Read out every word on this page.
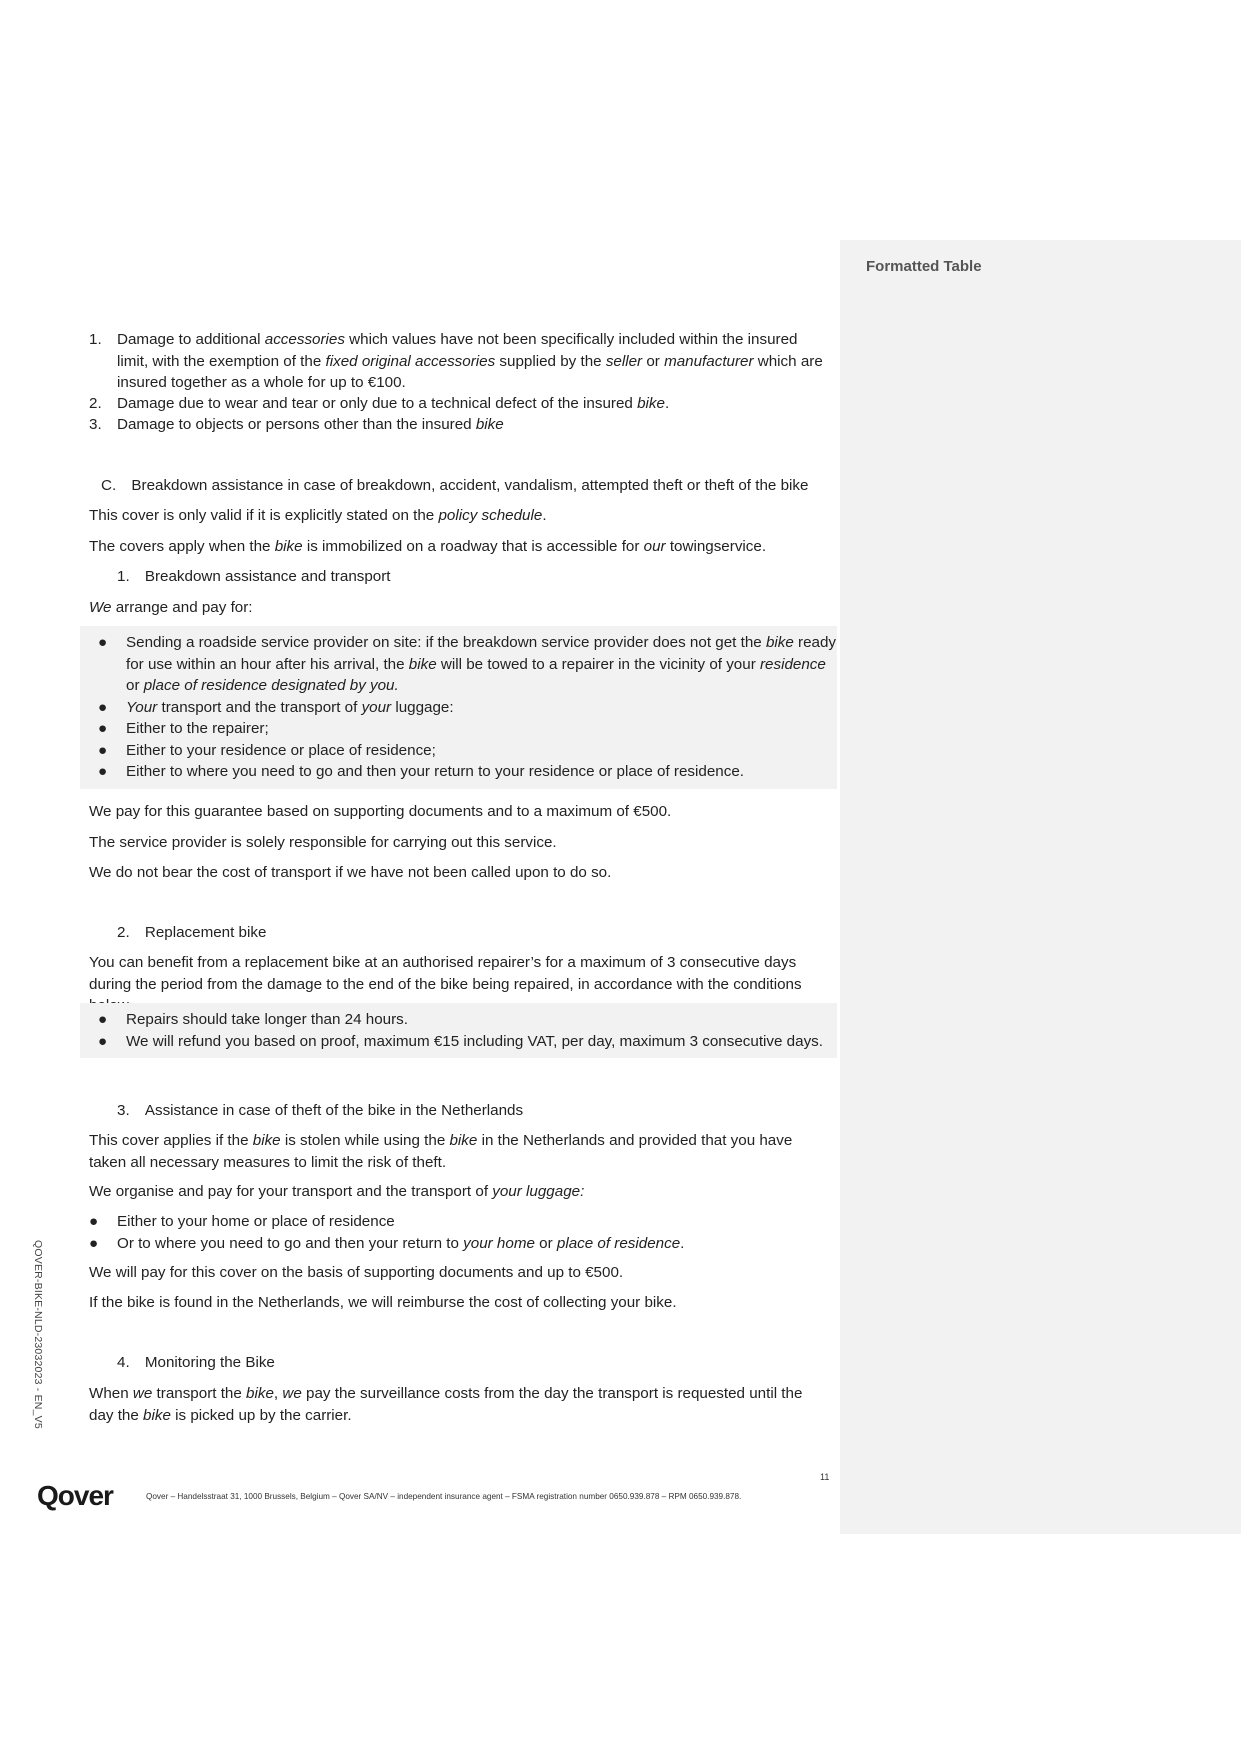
Formatted Table
1.	Damage to additional accessories which values have not been specifically included within the insured limit, with the exemption of the fixed original accessories supplied by the seller or manufacturer which are insured together as a whole for up to €100.
2.	Damage due to wear and tear or only due to a technical defect of the insured bike.
3.	Damage to objects or persons other than the insured bike
C. Breakdown assistance in case of breakdown, accident, vandalism, attempted theft or theft of the bike
This cover is only valid if it is explicitly stated on the policy schedule.
The covers apply when the bike is immobilized on a roadway that is accessible for our towingservice.
1. Breakdown assistance and transport
We arrange and pay for:
● Sending a roadside service provider on site: if the breakdown service provider does not get the bike ready for use within an hour after his arrival, the bike will be towed to a repairer in the vicinity of your residence or place of residence designated by you.
● Your transport and the transport of your luggage:
● Either to the repairer;
● Either to your residence or place of residence;
● Either to where you need to go and then your return to your residence or place of residence.
We pay for this guarantee based on supporting documents and to a maximum of €500.
The service provider is solely responsible for carrying out this service.
We do not bear the cost of transport if we have not been called upon to do so.
2. Replacement bike
You can benefit from a replacement bike at an authorised repairer’s for a maximum of 3 consecutive days during the period from the damage to the end of the bike being repaired, in accordance with the conditions
● Repairs should take longer than 24 hours.
● We will refund you based on proof, maximum €15 including VAT, per day, maximum 3 consecutive days.
3. Assistance in case of theft of the bike in the Netherlands
This cover applies if the bike is stolen while using the bike in the Netherlands and provided that you have taken all necessary measures to limit the risk of theft.
We organise and pay for your transport and the transport of your luggage:
● Either to your home or place of residence
● Or to where you need to go and then your return to your home or place of residence.
We will pay for this cover on the basis of supporting documents and up to €500.
If the bike is found in the Netherlands, we will reimburse the cost of collecting your bike.
4. Monitoring the Bike
When we transport the bike, we pay the surveillance costs from the day the transport is requested until the day the bike is picked up by the carrier.
QOVER-BIKE-NLD-23032023 - EN_V5
11
Qover	Qover – Handelsstraat 31, 1000 Brussels, Belgium – Qover SA/NV – independent insurance agent – FSMA registration number 0650.939.878 – RPM 0650.939.878.
